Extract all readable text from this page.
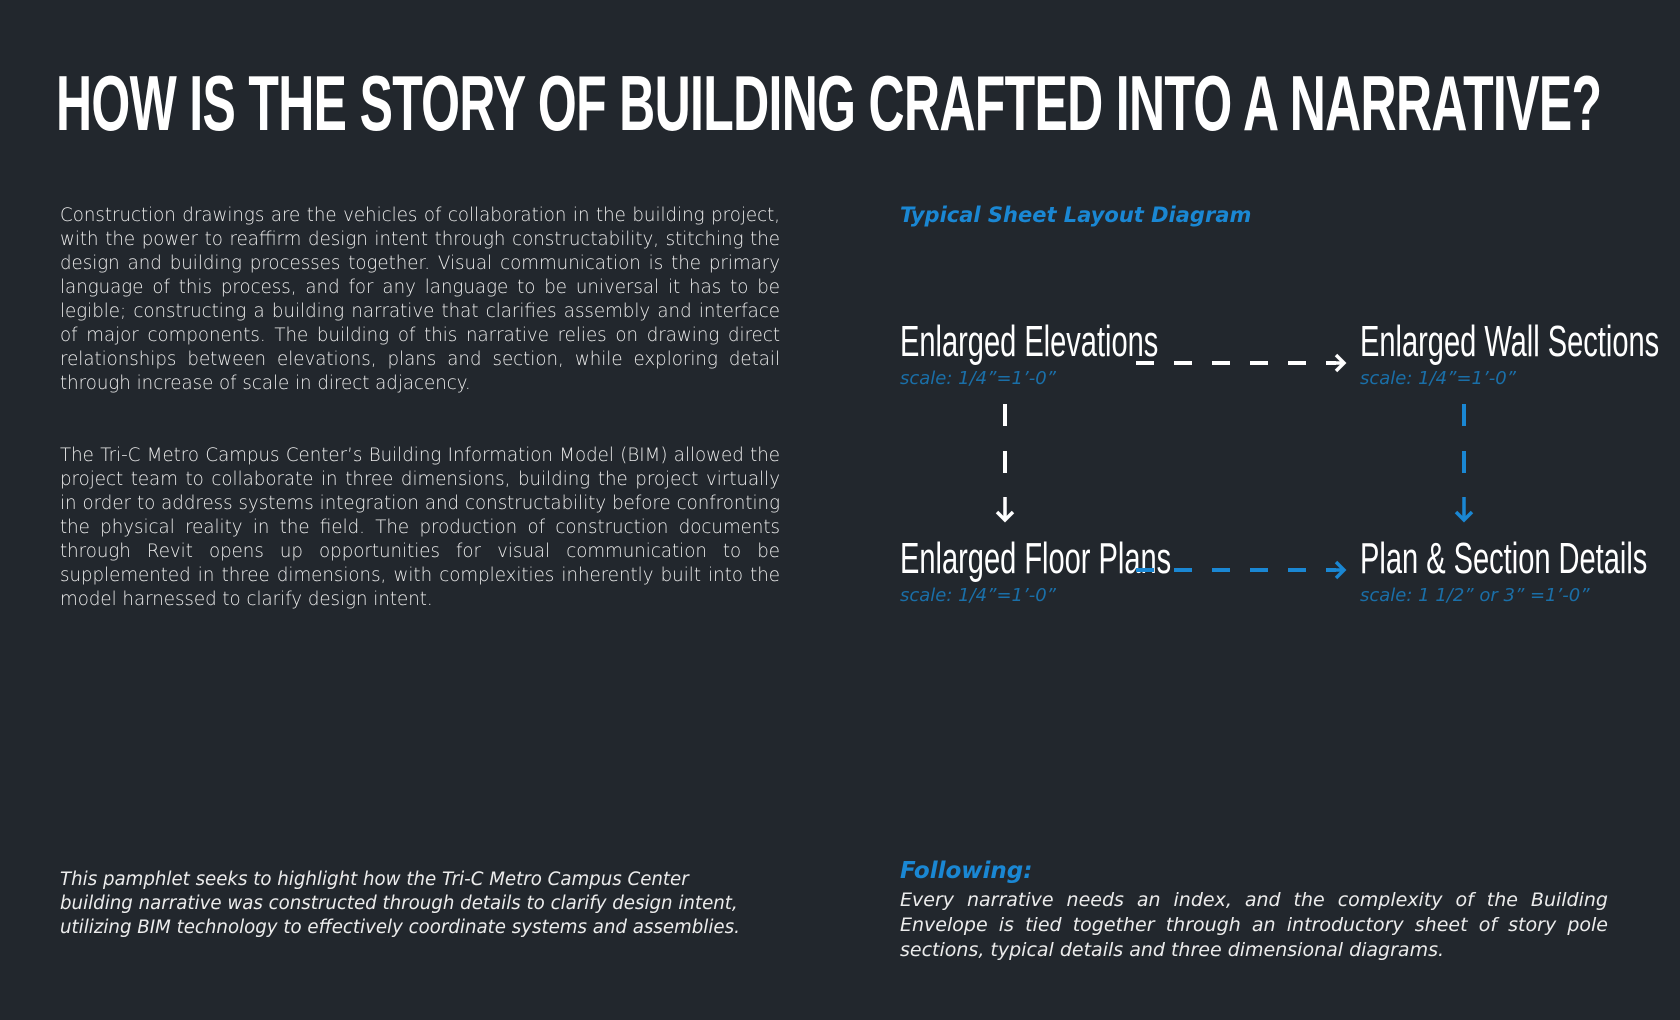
HOW IS THE STORY OF BUILDING CRAFTED INTO A NARRATIVE?

Construction drawings are the vehicles of collaboration in the building project, with the power to reaffirm design intent through constructability, stitching the design and building processes together. Visual communication is the primary language of this process, and for any language to be universal it has to be legible; constructing a building narrative that clarifies assembly and interface of major components. The building of this narrative relies on drawing direct relationships between elevations, plans and section, while exploring detail through increase of scale in direct adjacency.

The Tri-C Metro Campus Center’s Building Information Model (BIM) allowed the project team to collaborate in three dimensions, building the project virtually in order to address systems integration and constructability before confronting the physical reality in the field. The production of construction documents through Revit opens up opportunities for visual communication to be supplemented in three dimensions, with complexities inherently built into the model harnessed to clarify design intent.

This pamphlet seeks to highlight how the Tri-C Metro Campus Center building narrative was constructed through details to clarify design intent, utilizing BIM technology to effectively coordinate systems and assemblies.

Typical Sheet Layout Diagram
Enlarged Elevations
scale: 1/4”=1’-0”
Enlarged Wall Sections
scale: 1/4”=1’-0”
Enlarged Floor Plans
scale: 1/4”=1’-0”
Plan & Section Details
scale: 1 1/2” or 3” =1’-0”
Following:

Every narrative needs an index, and the complexity of the Building Envelope is tied together through an introductory sheet of story pole sections, typical details and three dimensional diagrams.
